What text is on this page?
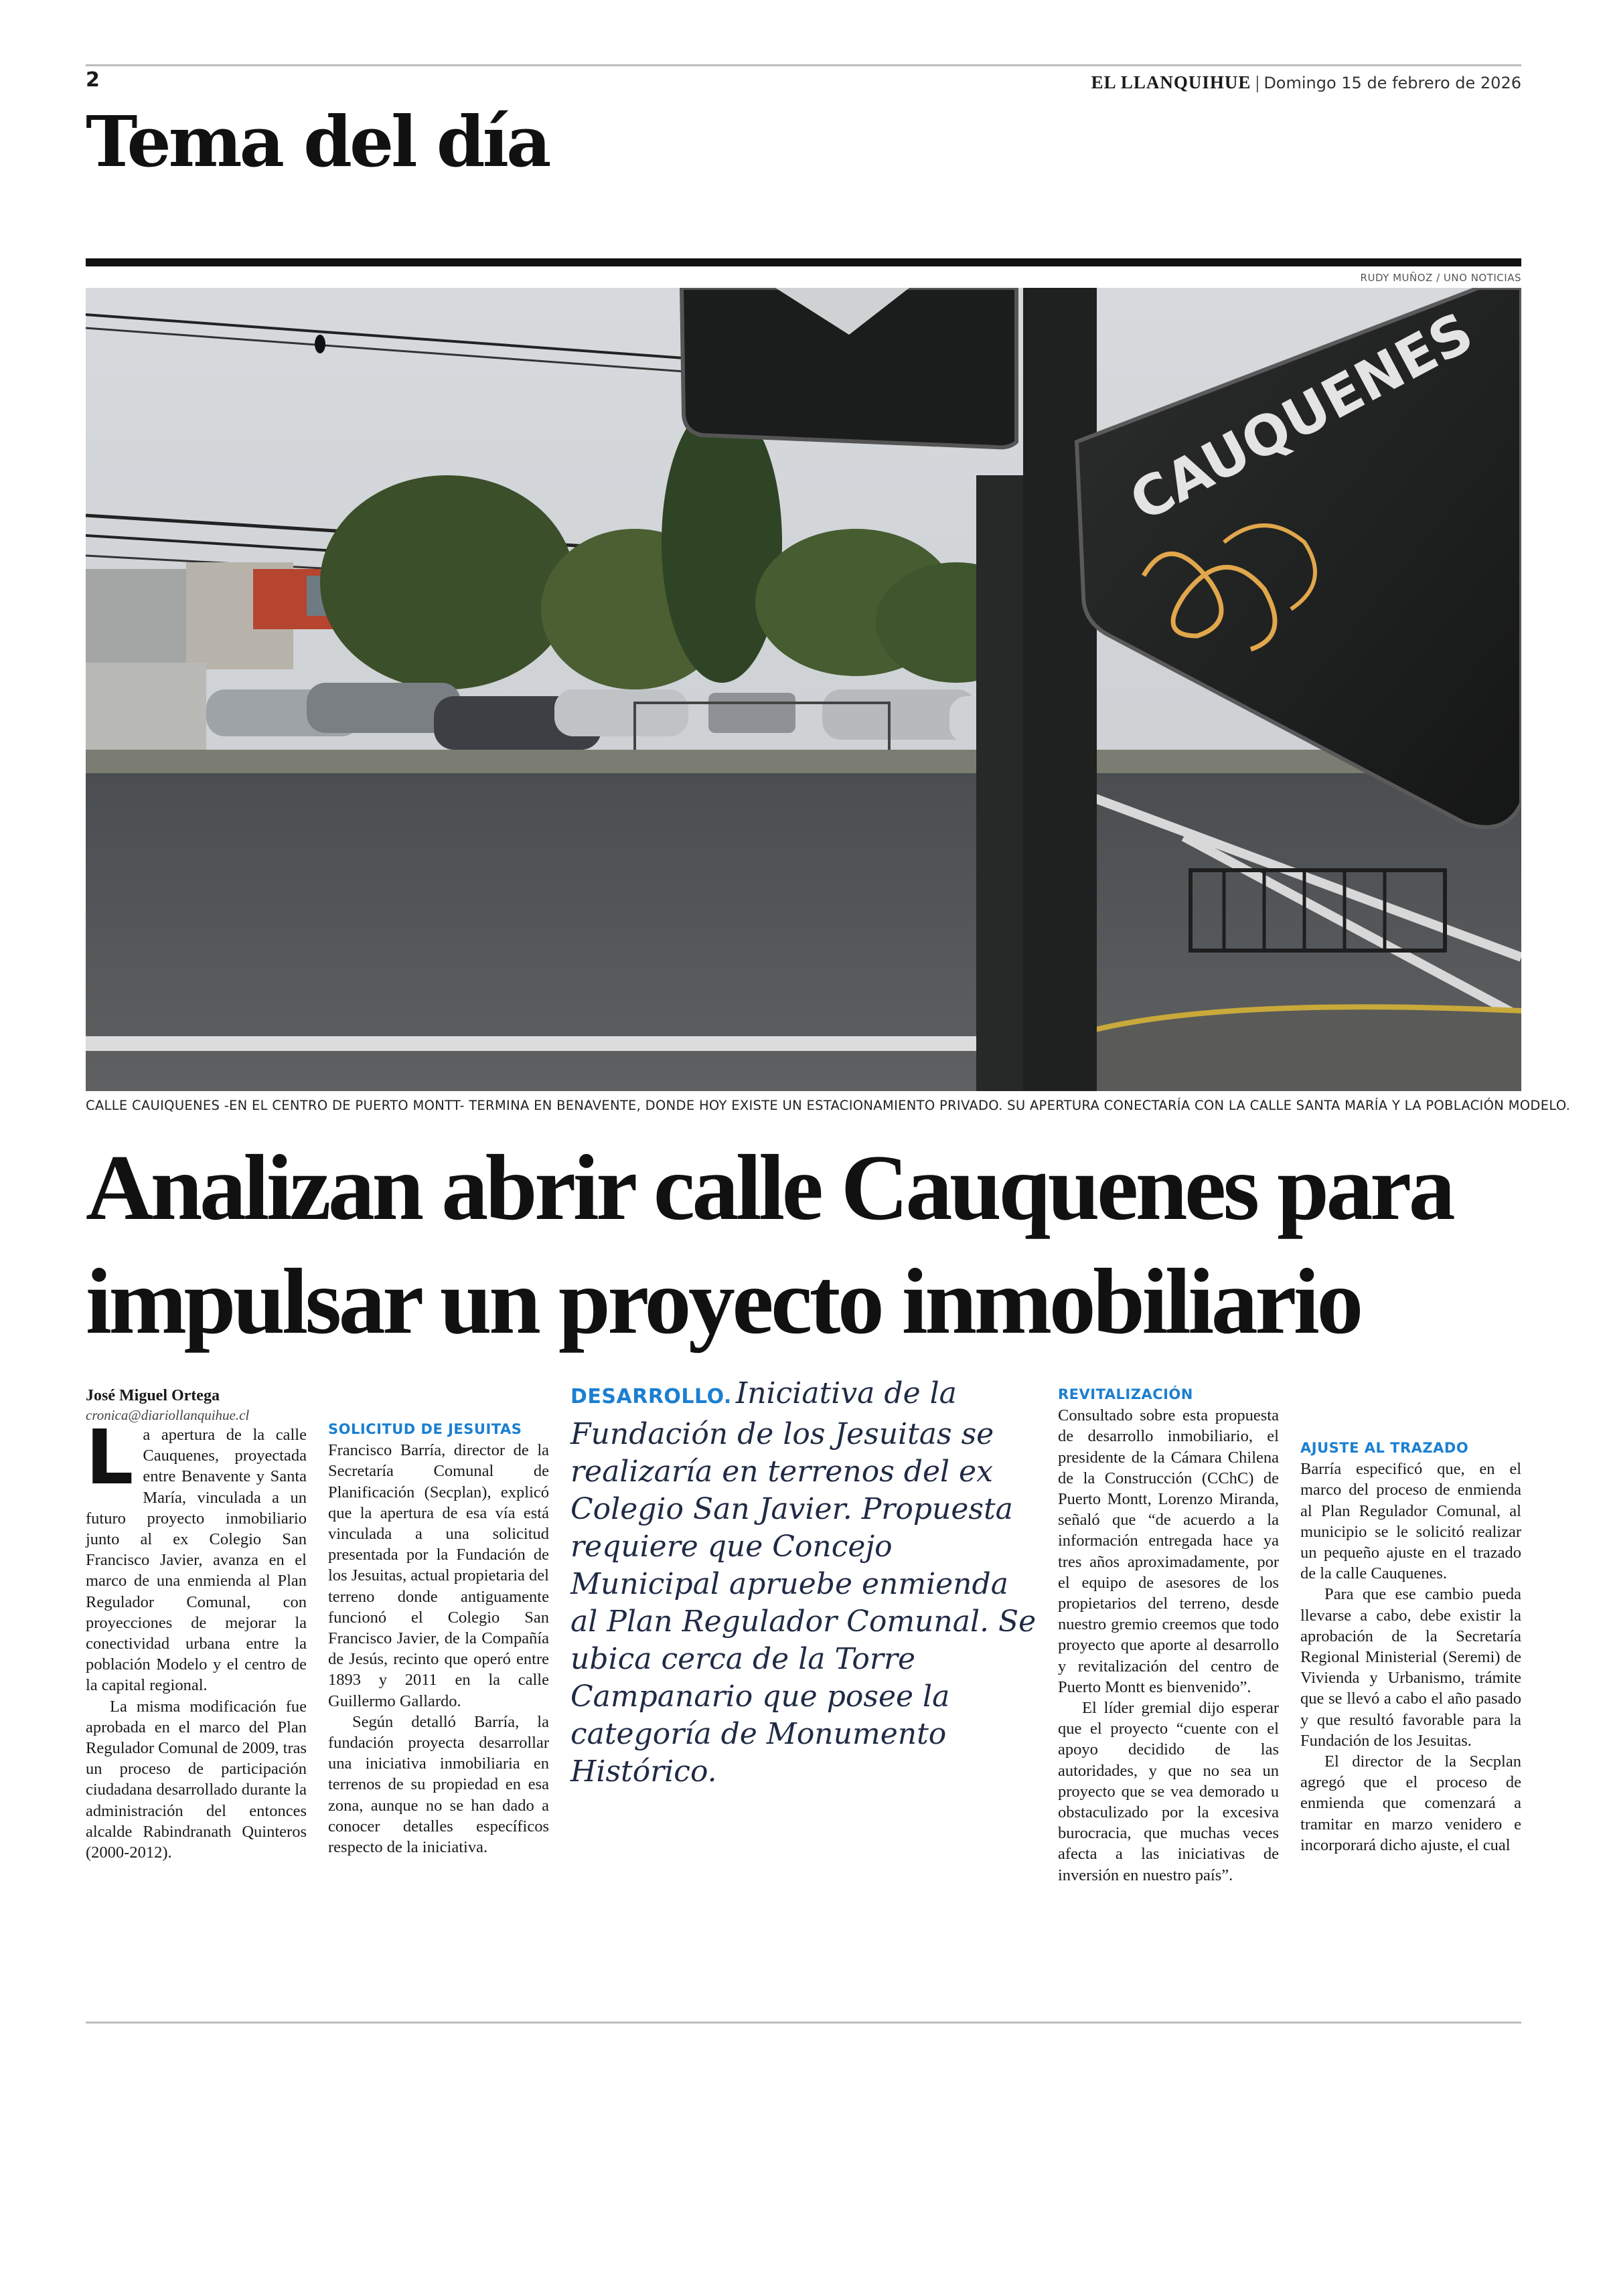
2	EL LLANQUIHUE | Domingo 15 de febrero de 2026
Tema del día
RUDY MUÑOZ / UNO NOTICIAS
CAUQUENES
CALLE CAUIQUENES -EN EL CENTRO DE PUERTO MONTT- TERMINA EN BENAVENTE, DONDE HOY EXISTE UN ESTACIONAMIENTO PRIVADO. SU APERTURA CONECTARÍA CON LA CALLE SANTA MARÍA Y LA POBLACIÓN MODELO.
Analizan abrir calle Cauquenes para
impulsar un proyecto inmobiliario

José Miguel Ortega

cronica@diariollanquihue.cl

La apertura de la calle Cauquenes, proyectada entre Benavente y Santa María, vinculada a un futuro proyecto inmobiliario junto al ex Colegio San Francisco Javier, avanza en el marco de una enmienda al Plan Regulador Comunal, con proyecciones de mejorar la conectividad urbana entre la población Modelo y el centro de la capital regional.

La misma modificación fue aprobada en el marco del Plan Regulador Comunal de 2009, tras un proceso de participación ciudadana desarrollado durante la administración del entonces alcalde Rabindranath Quinteros (2000-2012).

SOLICITUD DE JESUITAS

Francisco Barría, director de la Secretaría Comunal de Planificación (Secplan), explicó que la apertura de esa vía está vinculada a una solicitud presentada por la Fundación de los Jesuitas, actual propietaria del terreno donde antiguamente funcionó el Colegio San Francisco Javier, de la Compañía de Jesús, recinto que operó entre 1893 y 2011 en la calle Guillermo Gallardo.

Según detalló Barría, la fundación proyecta desarrollar una iniciativa inmobiliaria en terrenos de su propiedad en esa zona, aunque no se han dado a conocer detalles específicos respecto de la iniciativa.

DESARROLLO. Iniciativa de la Fundación de los Jesuitas se realizaría en terrenos del ex Colegio San Javier. Propuesta requiere que Concejo Municipal apruebe enmienda al Plan Regulador Comunal. Se ubica cerca de la Torre Campanario que posee la categoría de Monumento Histórico.

REVITALIZACIÓN

Consultado sobre esta propuesta de desarrollo inmobiliario, el presidente de la Cámara Chilena de la Construcción (CChC) de Puerto Montt, Lorenzo Miranda, señaló que “de acuerdo a la información entregada hace ya tres años aproximadamente, por el equipo de asesores de los propietarios del terreno, desde nuestro gremio creemos que todo proyecto que aporte al desarrollo y revitalización del centro de Puerto Montt es bienvenido”.

El líder gremial dijo esperar que el proyecto “cuente con el apoyo decidido de las autoridades, y que no sea un proyecto que se vea demorado u obstaculizado por la excesiva burocracia, que muchas veces afecta a las iniciativas de inversión en nuestro país”.

AJUSTE AL TRAZADO

Barría especificó que, en el marco del proceso de enmienda al Plan Regulador Comunal, al municipio se le solicitó realizar un pequeño ajuste en el trazado de la calle Cauquenes.

Para que ese cambio pueda llevarse a cabo, debe existir la aprobación de la Secretaría Regional Ministerial (Seremi) de Vivienda y Urbanismo, trámite que se llevó a cabo el año pasado y que resultó favorable para la Fundación de los Jesuitas.

El director de la Secplan agregó que el proceso de enmienda que comenzará a tramitar en marzo venidero e incorporará dicho ajuste, el cual
